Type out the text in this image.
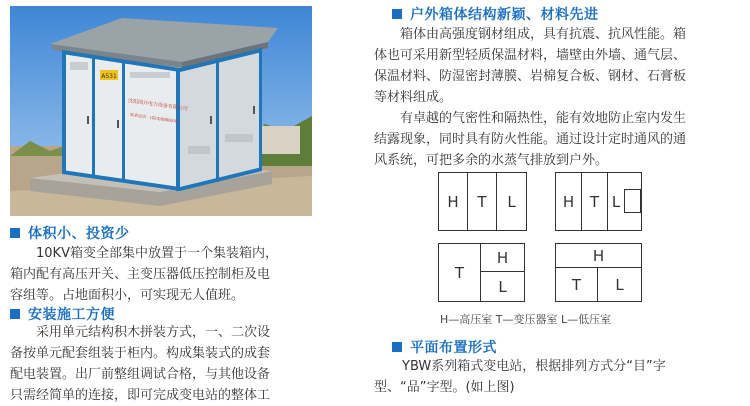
A531
沈阳国开电力设备有限公司
联系电话：(024)8866XXX
户外箱体结构新颖、材料先进
箱体由高强度钢材组成，具有抗震、抗风性能。箱
体也可采用新型轻质保温材料，墙壁由外墙、通气层、
保温材料、防湿密封薄膜、岩棉复合板、钢材、石膏板
等材料组成。
有卓越的气密性和隔热性，能有效地防止室内发生
结露现象，同时具有防火性能。通过设计定时通风的通
风系统，可把多余的水蒸气排放到户外。
H	T	L	H	T L
T
H
L
H
T	L
H—高压室 T—变压器室 L—低压室
平面布置形式
YBW系列箱式变电站，根据排列方式分“目”字
型、“品”字型。(如上图)
体积小、投资少
10KV箱变全部集中放置于一个集装箱内，
箱内配有高压开关、主变压器低压控制柜及电
容组等。占地面积小，可实现无人值班。
安装施工方便
采用单元结构积木拼装方式，一、二次设
备按单元配套组装于柜内。构成集装式的成套
配电装置。出厂前整组调试合格，与其他设备
只需经简单的连接，即可完成变电站的整体工
